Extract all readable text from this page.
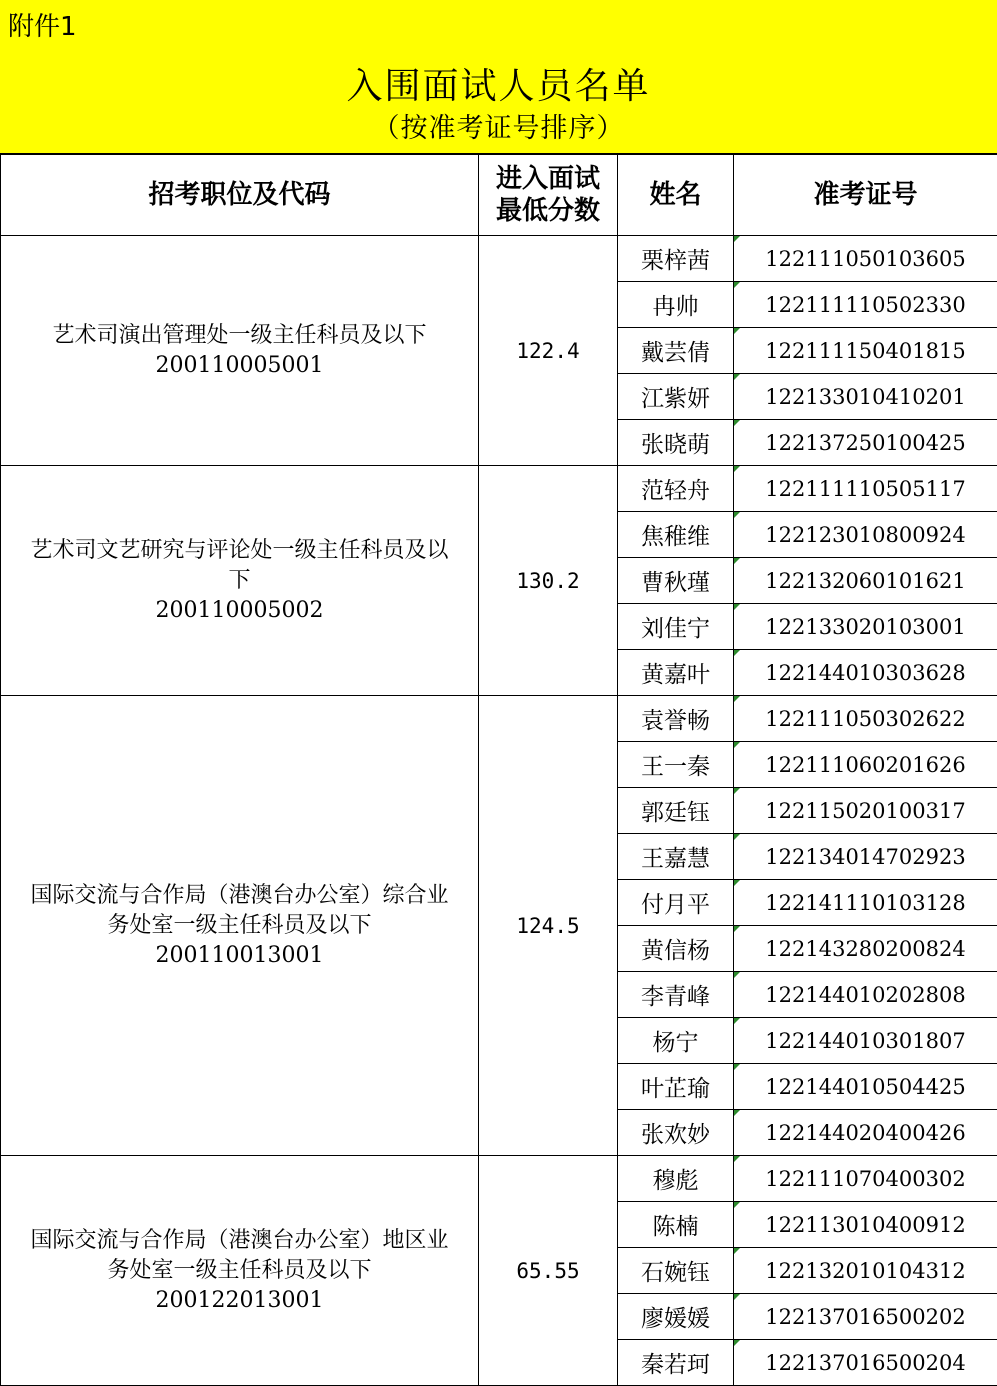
附件1
入围面试人员名单
（按准考证号排序）
招考职位及代码	进入面试
最低分数	姓名	准考证号

艺术司演出管理处一级主任科员及以下
200110005001	122.4	栗梓茜	122111050103605
		冉帅	122111110502330
		戴芸倩	122111150401815
		江紫妍	122133010410201
		张晓萌	122137250100425

艺术司文艺研究与评论处一级主任科员及以
下
200110005002	130.2	范轻舟	122111110505117
		焦稚维	122123010800924
		曹秋瑾	122132060101621
		刘佳宁	122133020103001
		黄嘉叶	122144010303628

国际交流与合作局（港澳台办公室）综合业
务处室一级主任科员及以下
200110013001	124.5	袁誉畅	122111050302622
		王一秦	122111060201626
		郭廷钰	122115020100317
		王嘉慧	122134014702923
		付月平	122141110103128
		黄信杨	122143280200824
		李青峰	122144010202808
		杨宁	122144010301807
		叶芷瑜	122144010504425
		张欢妙	122144020400426

国际交流与合作局（港澳台办公室）地区业
务处室一级主任科员及以下
200122013001	65.55	穆彪	122111070400302
		陈楠	122113010400912
		石婉钰	122132010104312
		廖媛媛	122137016500202
		秦若珂	122137016500204
